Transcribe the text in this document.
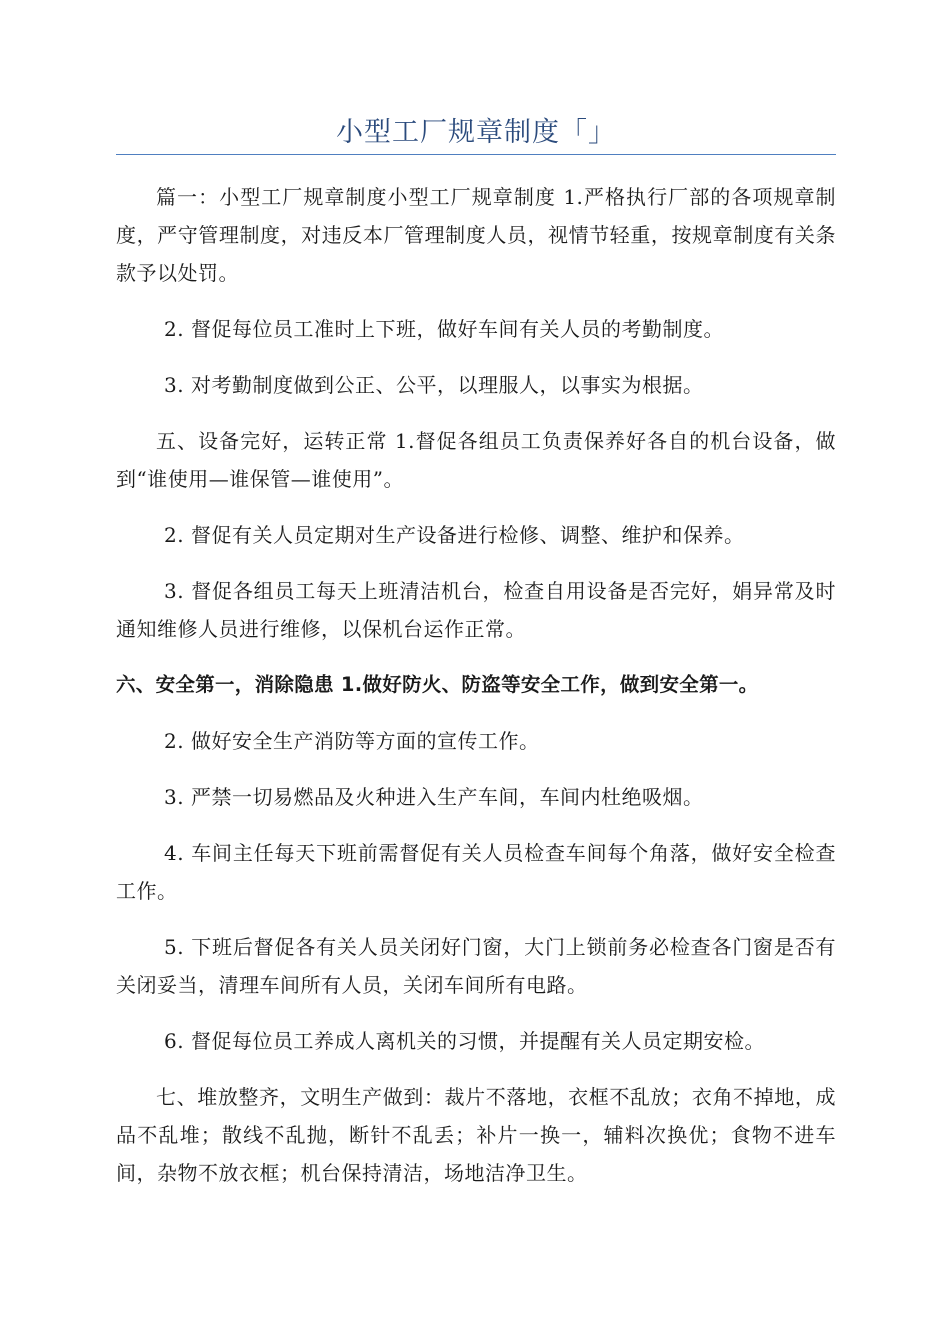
小型工厂规章制度「」

篇一：小型工厂规章制度小型工厂规章制度 1.严格执行厂部的各项规章制度，严守管理制度，对违反本厂管理制度人员，视情节轻重，按规章制度有关条款予以处罚。

2. 督促每位员工准时上下班，做好车间有关人员的考勤制度。

3. 对考勤制度做到公正、公平，以理服人，以事实为根据。

五、设备完好，运转正常 1.督促各组员工负责保养好各自的机台设备，做到“谁使用—谁保管—谁使用”。

2. 督促有关人员定期对生产设备进行检修、调整、维护和保养。

3. 督促各组员工每天上班清洁机台，检查自用设备是否完好，娟异常及时通知维修人员进行维修，以保机台运作正常。

六、安全第一，消除隐患 1.做好防火、防盗等安全工作，做到安全第一。

2. 做好安全生产消防等方面的宣传工作。

3. 严禁一切易燃品及火种进入生产车间，车间内杜绝吸烟。

4. 车间主任每天下班前需督促有关人员检查车间每个角落，做好安全检查工作。

5. 下班后督促各有关人员关闭好门窗，大门上锁前务必检查各门窗是否有关闭妥当，清理车间所有人员，关闭车间所有电路。

6. 督促每位员工养成人离机关的习惯，并提醒有关人员定期安检。

七、堆放整齐，文明生产做到：裁片不落地，衣框不乱放；衣角不掉地，成品不乱堆；散线不乱抛，断针不乱丢；补片一换一，辅料次换优；食物不进车间，杂物不放衣框；机台保持清洁，场地洁净卫生。
